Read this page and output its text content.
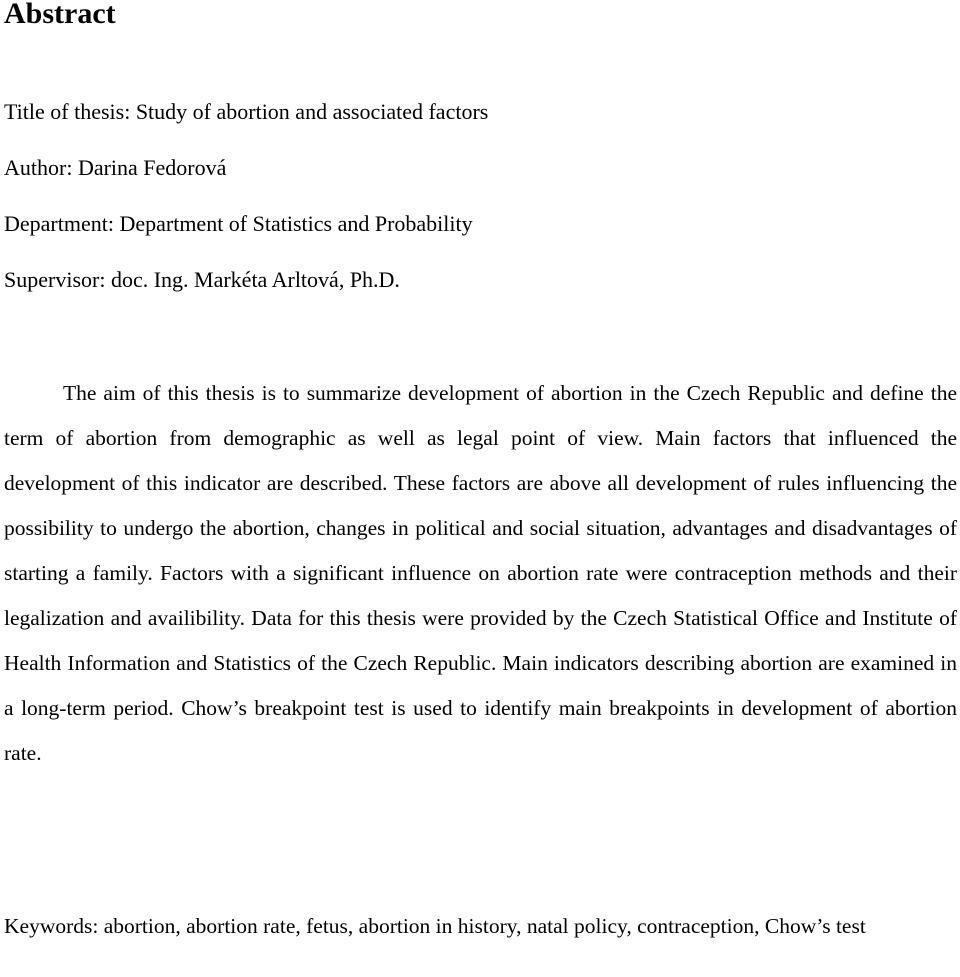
Abstract

Title of thesis: Study of abortion and associated factors

Author: Darina Fedorová

Department: Department of Statistics and Probability

Supervisor: doc. Ing. Markéta Arltová, Ph.D.

The aim of this thesis is to summarize development of abortion in the Czech Republic and define the term of abortion from demographic as well as legal point of view. Main factors that influenced the development of this indicator are described. These factors are above all development of rules influencing the possibility to undergo the abortion, changes in political and social situation, advantages and disadvantages of starting a family. Factors with a significant influence on abortion rate were contraception methods and their legalization and availibility. Data for this thesis were provided by the Czech Statistical Office and Institute of Health Information and Statistics of the Czech Republic. Main indicators describing abortion are examined in a long-term period. Chow’s breakpoint test is used to identify main breakpoints in development of abortion rate.

Keywords: abortion, abortion rate, fetus, abortion in history, natal policy, contraception, Chow’s test
